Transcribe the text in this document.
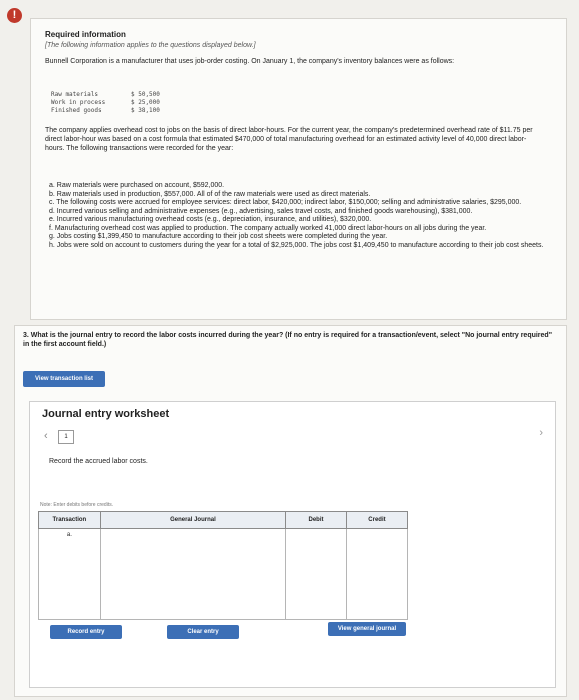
!
Required information
[The following information applies to the questions displayed below.]
Bunnell Corporation is a manufacturer that uses job-order costing. On January 1, the company's inventory balances were as follows:
Raw materials	$ 50,500
Work in process	$ 25,000
Finished goods	$ 38,100
The company applies overhead cost to jobs on the basis of direct labor-hours. For the current year, the company's predetermined overhead rate of $11.75 per direct labor-hour was based on a cost formula that estimated $470,000 of total manufacturing overhead for an estimated activity level of 40,000 direct labor-hours. The following transactions were recorded for the year:
a. Raw materials were purchased on account, $592,000.
b. Raw materials used in production, $557,000. All of of the raw materials were used as direct materials.
c. The following costs were accrued for employee services: direct labor, $420,000; indirect labor, $150,000; selling and administrative salaries, $295,000.
d. Incurred various selling and administrative expenses (e.g., advertising, sales travel costs, and finished goods warehousing), $381,000.
e. Incurred various manufacturing overhead costs (e.g., depreciation, insurance, and utilities), $320,000.
f. Manufacturing overhead cost was applied to production. The company actually worked 41,000 direct labor-hours on all jobs during the year.
g. Jobs costing $1,399,450 to manufacture according to their job cost sheets were completed during the year.
h. Jobs were sold on account to customers during the year for a total of $2,925,000. The jobs cost $1,409,450 to manufacture according to their job cost sheets.
3. What is the journal entry to record the labor costs incurred during the year? (If no entry is required for a transaction/event, select "No journal entry required" in the first account field.)
View transaction list
Journal entry worksheet
‹	1	›
Record the accrued labor costs.
Note: Enter debits before credits.
Transaction	General Journal	Debit	Credit
a.			
Record entry	Clear entry	View general journal
